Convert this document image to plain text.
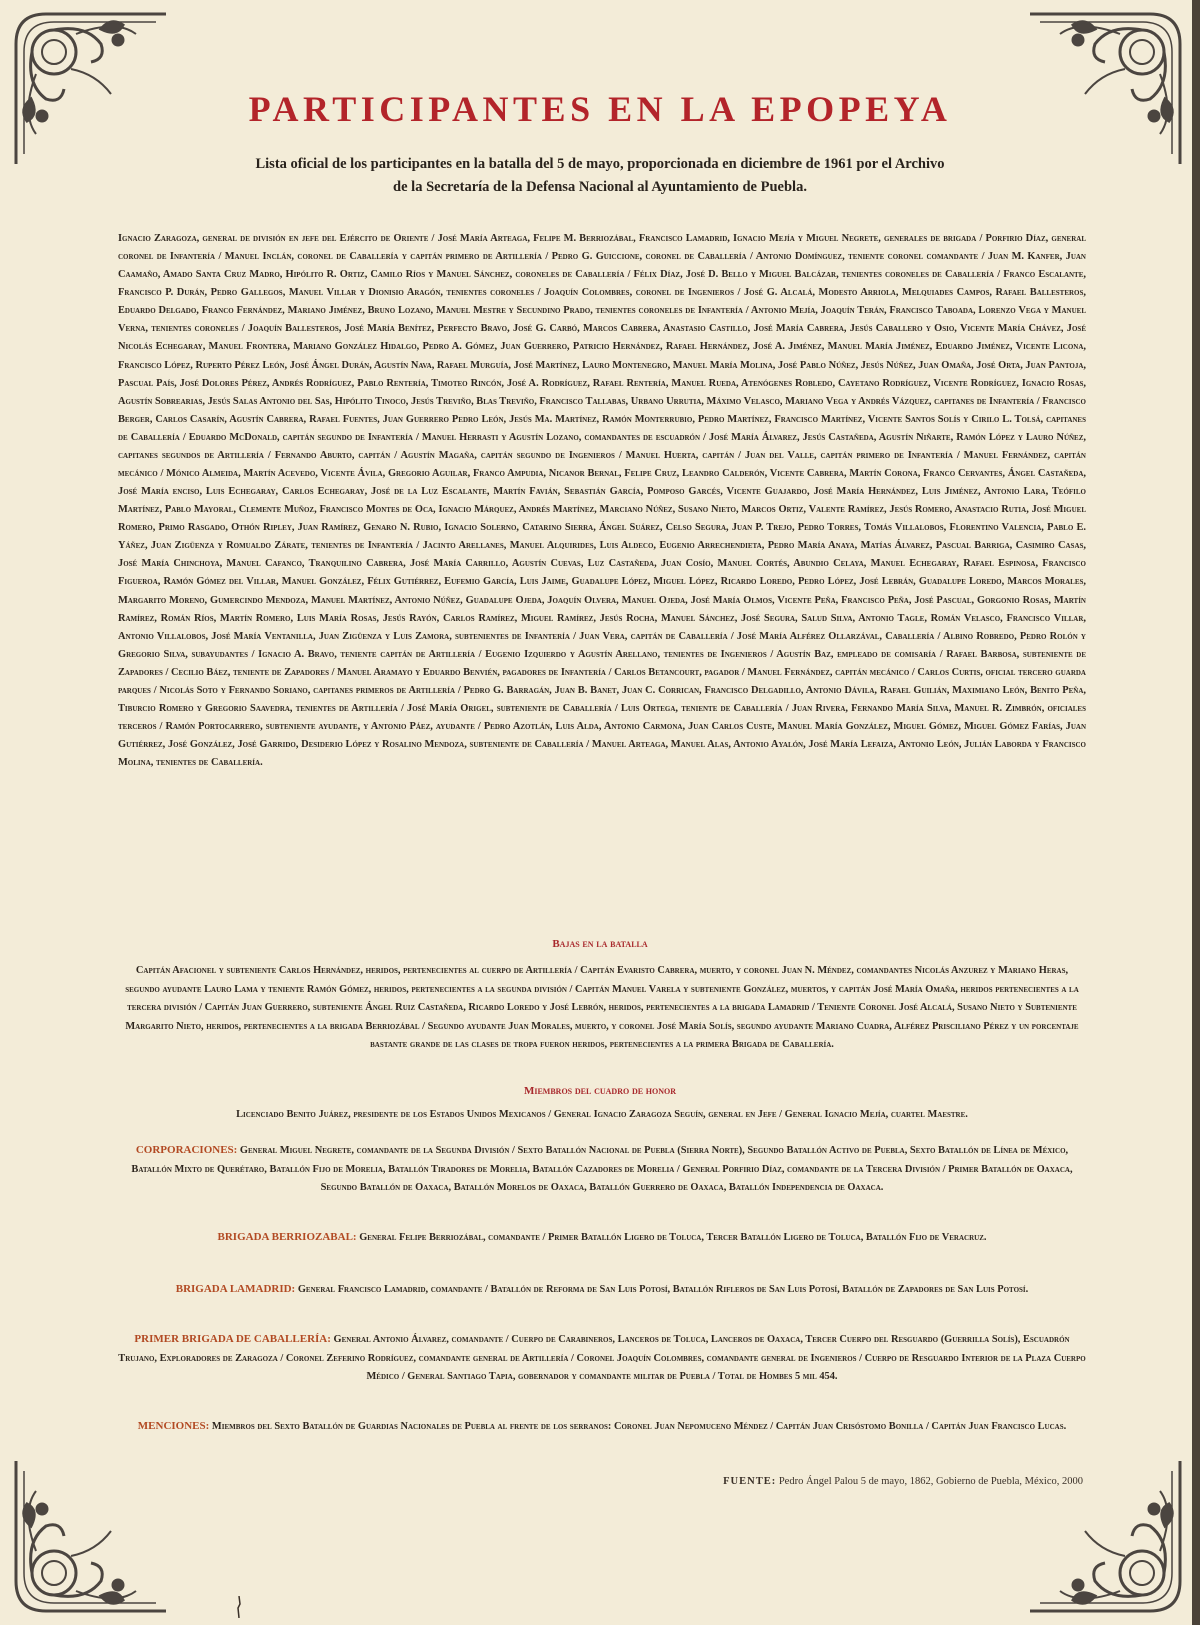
PARTICIPANTES EN LA EPOPEYA
Lista oficial de los participantes en la batalla del 5 de mayo, proporcionada en diciembre de 1961 por el Archivo
de la Secretaría de la Defensa Nacional al Ayuntamiento de Puebla.
Ignacio Zaragoza, general de división en jefe del Ejército de Oriente / José María Arteaga, Felipe M. Berriozábal, Francisco Lamadrid, Ignacio Mejía y Miguel Negrete, generales de brigada / Porfirio Díaz, general coronel de Infantería / Manuel Inclán, coronel de Caballería y capitán primero de Artillería / Pedro G. Guiccione, coronel de Caballería / Antonio Domínguez, teniente coronel comandante / Juan M. Kanfer, Juan Caamaño, Amado Santa Cruz Madro, Hipólito R. Ortiz, Camilo Ríos y Manuel Sánchez, coroneles de Caballería / Félix Díaz, José D. Bello y Miguel Balcázar, tenientes coroneles de Caballería / Franco Escalante, Francisco P. Durán, Pedro Gallegos, Manuel Villar y Dionisio Aragón, tenientes coroneles / Joaquín Colombres, coronel de Ingenieros / José G. Alcalá, Modesto Arriola, Melquiades Campos, Rafael Ballesteros, Eduardo Delgado, Franco Fernández, Mariano Jiménez, Bruno Lozano, Manuel Mestre y Secundino Prado, tenientes coroneles de Infantería / Antonio Mejía, Joaquín Terán, Francisco Taboada, Lorenzo Vega y Manuel Verna, tenientes coroneles / Joaquín Ballesteros, José María Benítez, Perfecto Bravo, José G. Carbó, Marcos Cabrera, Anastasio Castillo, José María Cabrera, Jesús Caballero y Osio, Vicente María Chávez, José Nicolás Echegaray, Manuel Frontera, Mariano González Hidalgo, Pedro A. Gómez, Juan Guerrero, Patricio Hernández, Rafael Hernández, José A. Jiménez, Manuel María Jiménez, Eduardo Jiménez, Vicente Licona, Francisco López, Ruperto Pérez León, José Ángel Durán, Agustín Nava, Rafael Murguía, José Martínez, Lauro Montenegro, Manuel María Molina, José Pablo Núñez, Jesús Núñez, Juan Omaña, José Orta, Juan Pantoja, Pascual País, José Dolores Pérez, Andrés Rodríguez, Pablo Rentería, Timoteo Rincón, José A. Rodríguez, Rafael Rentería, Manuel Rueda, Atenógenes Robledo, Cayetano Rodríguez, Vicente Rodríguez, Ignacio Rosas, Agustín Sobrearias, Jesús Salas Antonio del Sas, Hipólito Tinoco, Jesús Treviño, Blas Treviño, Francisco Tallabas, Urbano Urrutia, Máximo Velasco, Mariano Vega y Andrés Vázquez, capitanes de Infantería / Francisco Berger, Carlos Casarín, Agustín Cabrera, Rafael Fuentes, Juan Guerrero Pedro León, Jesús Ma. Martínez, Ramón Monterrubio, Pedro Martínez, Francisco Martínez, Vicente Santos Solís y Cirilo L. Tolsá, capitanes de Caballería / Eduardo McDonald, capitán segundo de Infantería / Manuel Herrasti y Agustín Lozano, comandantes de escuadrón / José María Álvarez, Jesús Castañeda, Agustín Niñarte, Ramón López y Lauro Núñez, capitanes segundos de Artillería / Fernando Aburto, capitán / Agustín Magaña, capitán segundo de Ingenieros / Manuel Huerta, capitán / Juan del Valle, capitán primero de Infantería / Manuel Fernández, capitán mecánico / Mónico Almeida, Martín Acevedo, Vicente Ávila, Gregorio Aguilar, Franco Ampudia, Nicanor Bernal, Felipe Cruz, Leandro Calderón, Vicente Cabrera, Martín Corona, Franco Cervantes, Ángel Castañeda, José María enciso, Luis Echegaray, Carlos Echegaray, José de la Luz Escalante, Martín Favián, Sebastián García, Pomposo Garcés, Vicente Guajardo, José María Hernández, Luis Jiménez, Antonio Lara, Teófilo Martínez, Pablo Mayoral, Clemente Muñoz, Francisco Montes de Oca, Ignacio Márquez, Andrés Martínez, Marciano Núñez, Susano Nieto, Marcos Ortiz, Valente Ramírez, Jesús Romero, Anastacio Rutia, José Miguel Romero, Primo Rasgado, Othón Ripley, Juan Ramírez, Genaro N. Rubio, Ignacio Solerno, Catarino Sierra, Ángel Suárez, Celso Segura, Juan P. Trejo, Pedro Torres, Tomás Villalobos, Florentino Valencia, Pablo E. Yáñez, Juan Zigüenza y Romualdo Zárate, tenientes de Infantería / Jacinto Arellanes, Manuel Alquirides, Luis Aldeco, Eugenio Arrechendieta, Pedro María Anaya, Matías Álvarez, Pascual Barriga, Casimiro Casas, José María Chinchoya, Manuel Cafanco, Tranquilino Cabrera, José María Carrillo, Agustín Cuevas, Luz Castañeda, Juan Cosío, Manuel Cortés, Abundio Celaya, Manuel Echegaray, Rafael Espinosa, Francisco Figueroa, Ramón Gómez del Villar, Manuel González, Félix Gutiérrez, Eufemio García, Luis Jaime, Guadalupe López, Miguel López, Ricardo Loredo, Pedro López, José Lebrán, Guadalupe Loredo, Marcos Morales, Margarito Moreno, Gumercindo Mendoza, Manuel Martínez, Antonio Núñez, Guadalupe Ojeda, Joaquín Olvera, Manuel Ojeda, José María Olmos, Vicente Peña, Francisco Peña, José Pascual, Gorgonio Rosas, Martín Ramírez, Román Ríos, Martín Romero, Luis María Rosas, Jesús Rayón, Carlos Ramírez, Miguel Ramírez, Jesús Rocha, Manuel Sánchez, José Segura, Salud Silva, Antonio Tagle, Román Velasco, Francisco Villar, Antonio Villalobos, José María Ventanilla, Juan Zigüenza y Luis Zamora, subtenientes de Infantería / Juan Vera, capitán de Caballería / José María Alférez Ollarzával, Caballería / Albino Robredo, Pedro Rolón y Gregorio Silva, subayudantes / Ignacio A. Bravo, teniente capitán de Artillería / Eugenio Izquierdo y Agustín Arellano, tenientes de Ingenieros / Agustín Baz, empleado de comisaría / Rafael Barbosa, subteniente de Zapadores / Cecilio Báez, teniente de Zapadores / Manuel Aramayo y Eduardo Benvién, pagadores de Infantería / Carlos Betancourt, pagador / Manuel Fernández, capitán mecánico / Carlos Curtis, oficial tercero guarda parques / Nicolás Soto y Fernando Soriano, capitanes primeros de Artillería / Pedro G. Barragán, Juan B. Banet, Juan C. Corrican, Francisco Delgadillo, Antonio Dávila, Rafael Guilián, Maximiano León, Benito Peña, Tiburcio Romero y Gregorio Saavedra, tenientes de Artillería / José María Origel, subteniente de Caballería / Luis Ortega, teniente de Caballería / Juan Rivera, Fernando María Silva, Manuel R. Zimbrón, oficiales terceros / Ramón Portocarrero, subteniente ayudante, y Antonio Páez, ayudante / Pedro Azotlán, Luis Alda, Antonio Carmona, Juan Carlos Custe, Manuel María González, Miguel Gómez, Miguel Gómez Farías, Juan Gutiérrez, José González, José Garrido, Desiderio López y Rosalino Mendoza, subteniente de Caballería / Manuel Arteaga, Manuel Alas, Antonio Ayalón, José María Lefaiza, Antonio León, Julián Laborda y Francisco Molina, tenientes de Caballería.
Bajas en la batalla
Capitán Afacionel y subteniente Carlos Hernández, heridos, pertenecientes al cuerpo de Artillería / Capitán Evaristo Cabrera, muerto, y coronel Juan N. Méndez, comandantes Nicolás Anzurez y Mariano Heras, segundo ayudante Lauro Lama y teniente Ramón Gómez, heridos, pertenecientes a la segunda división / Capitán Manuel Varela y subteniente González, muertos, y capitán José María Omaña, heridos pertenecientes a la tercera división / Capitán Juan Guerrero, subteniente Ángel Ruiz Castañeda, Ricardo Loredo y José Lebrón, heridos, pertenecientes a la brigada Lamadrid / Teniente Coronel José Alcalá, Susano Nieto y Subteniente Margarito Nieto, heridos, pertenecientes a la brigada Berriozábal / Segundo ayudante Juan Morales, muerto, y coronel José María Solís, segundo ayudante Mariano Cuadra, Alférez Prisciliano Pérez y un porcentaje bastante grande de las clases de tropa fueron heridos, pertenecientes a la primera Brigada de Caballería.
Miembros del cuadro de honor
Licenciado Benito Juárez, presidente de los Estados Unidos Mexicanos / General Ignacio Zaragoza Seguín, general en Jefe / General Ignacio Mejía, cuartel Maestre.
CORPORACIONES: General Miguel Negrete, comandante de la Segunda División / Sexto Batallón Nacional de Puebla (Sierra Norte), Segundo Batallón Activo de Puebla, Sexto Batallón de Línea de México, Batallón Mixto de Querétaro, Batallón Fijo de Morelia, Batallón Tiradores de Morelia, Batallón Cazadores de Morelia / General Porfirio Díaz, comandante de la Tercera División / Primer Batallón de Oaxaca, Segundo Batallón de Oaxaca, Batallón Morelos de Oaxaca, Batallón Guerrero de Oaxaca, Batallón Independencia de Oaxaca.
BRIGADA BERRIOZABAL: General Felipe Berriozábal, comandante / Primer Batallón Ligero de Toluca, Tercer Batallón Ligero de Toluca, Batallón Fijo de Veracruz.
BRIGADA LAMADRID: General Francisco Lamadrid, comandante / Batallón de Reforma de San Luis Potosí, Batallón Rifleros de San Luis Potosí, Batallón de Zapadores de San Luis Potosí.
PRIMER BRIGADA DE CABALLERÍA: General Antonio Álvarez, comandante / Cuerpo de Carabineros, Lanceros de Toluca, Lanceros de Oaxaca, Tercer Cuerpo del Resguardo (Guerrilla Solís), Escuadrón Trujano, Exploradores de Zaragoza / Coronel Zeferino Rodríguez, comandante general de Artillería / Coronel Joaquín Colombres, comandante general de Ingenieros / Cuerpo de Resguardo Interior de la Plaza Cuerpo Médico / General Santiago Tapia, gobernador y comandante militar de Puebla / Total de Hombes 5 mil 454.
MENCIONES: Miembros del Sexto Batallón de Guardias Nacionales de Puebla al frente de los serranos: Coronel Juan Nepomuceno Méndez / Capitán Juan Crisóstomo Bonilla / Capitán Juan Francisco Lucas.
FUENTE: Pedro Ángel Palou 5 de mayo, 1862, Gobierno de Puebla, México, 2000
